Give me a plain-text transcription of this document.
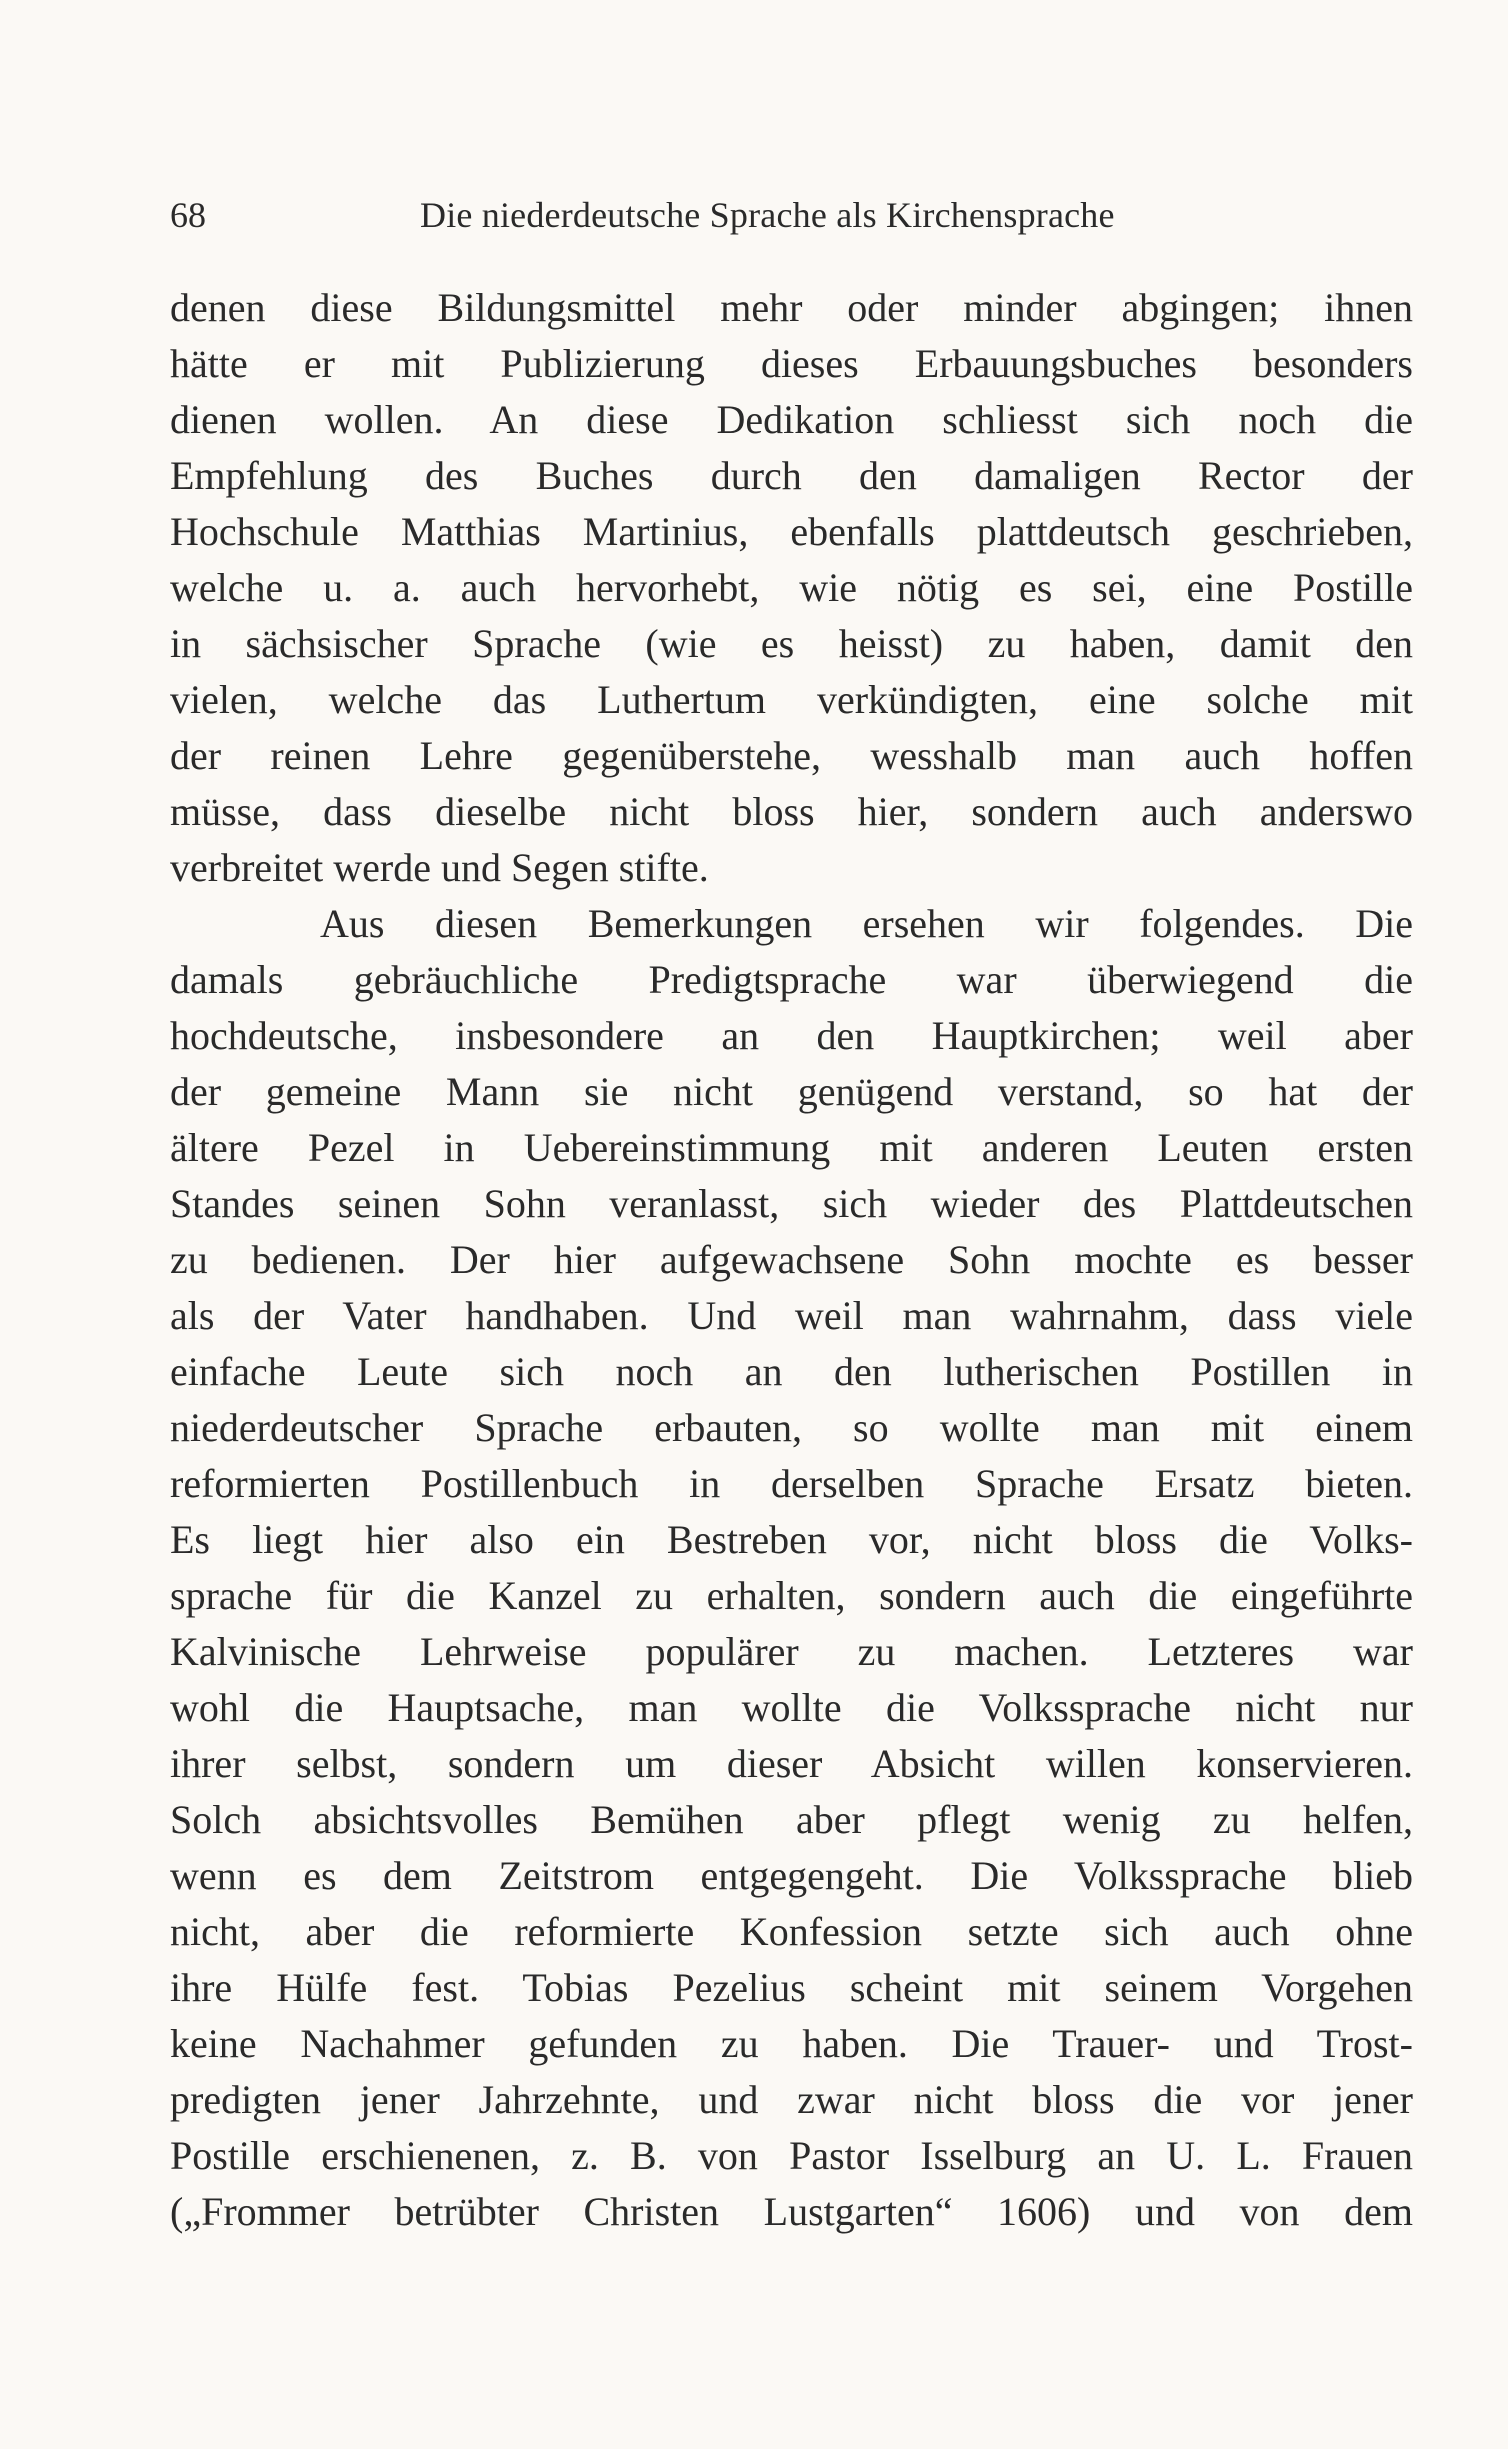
68	Die niederdeutsche Sprache als Kirchensprache
denen diese Bildungsmittel mehr oder minder abgingen; ihnen
hätte er mit Publizierung dieses Erbauungsbuches besonders
dienen wollen. An diese Dedikation schliesst sich noch die
Empfehlung des Buches durch den damaligen Rector der
Hochschule Matthias Martinius, ebenfalls plattdeutsch geschrieben,
welche u. a. auch hervorhebt, wie nötig es sei, eine Postille
in sächsischer Sprache (wie es heisst) zu haben, damit den
vielen, welche das Luthertum verkündigten, eine solche mit
der reinen Lehre gegenüberstehe, wesshalb man auch hoffen
müsse, dass dieselbe nicht bloss hier, sondern auch anderswo
verbreitet werde und Segen stifte.
Aus diesen Bemerkungen ersehen wir folgendes. Die
damals gebräuchliche Predigtsprache war überwiegend die
hochdeutsche, insbesondere an den Hauptkirchen; weil aber
der gemeine Mann sie nicht genügend verstand, so hat der
ältere Pezel in Uebereinstimmung mit anderen Leuten ersten
Standes seinen Sohn veranlasst, sich wieder des Plattdeutschen
zu bedienen. Der hier aufgewachsene Sohn mochte es besser
als der Vater handhaben. Und weil man wahrnahm, dass viele
einfache Leute sich noch an den lutherischen Postillen in
niederdeutscher Sprache erbauten, so wollte man mit einem
reformierten Postillenbuch in derselben Sprache Ersatz bieten.
Es liegt hier also ein Bestreben vor, nicht bloss die Volks-
sprache für die Kanzel zu erhalten, sondern auch die eingeführte
Kalvinische Lehrweise populärer zu machen. Letzteres war
wohl die Hauptsache, man wollte die Volkssprache nicht nur
ihrer selbst, sondern um dieser Absicht willen konservieren.
Solch absichtsvolles Bemühen aber pflegt wenig zu helfen,
wenn es dem Zeitstrom entgegengeht. Die Volkssprache blieb
nicht, aber die reformierte Konfession setzte sich auch ohne
ihre Hülfe fest. Tobias Pezelius scheint mit seinem Vorgehen
keine Nachahmer gefunden zu haben. Die Trauer- und Trost-
predigten jener Jahrzehnte, und zwar nicht bloss die vor jener
Postille erschienenen, z. B. von Pastor Isselburg an U. L. Frauen
(„Frommer betrübter Christen Lustgarten“ 1606) und von dem
